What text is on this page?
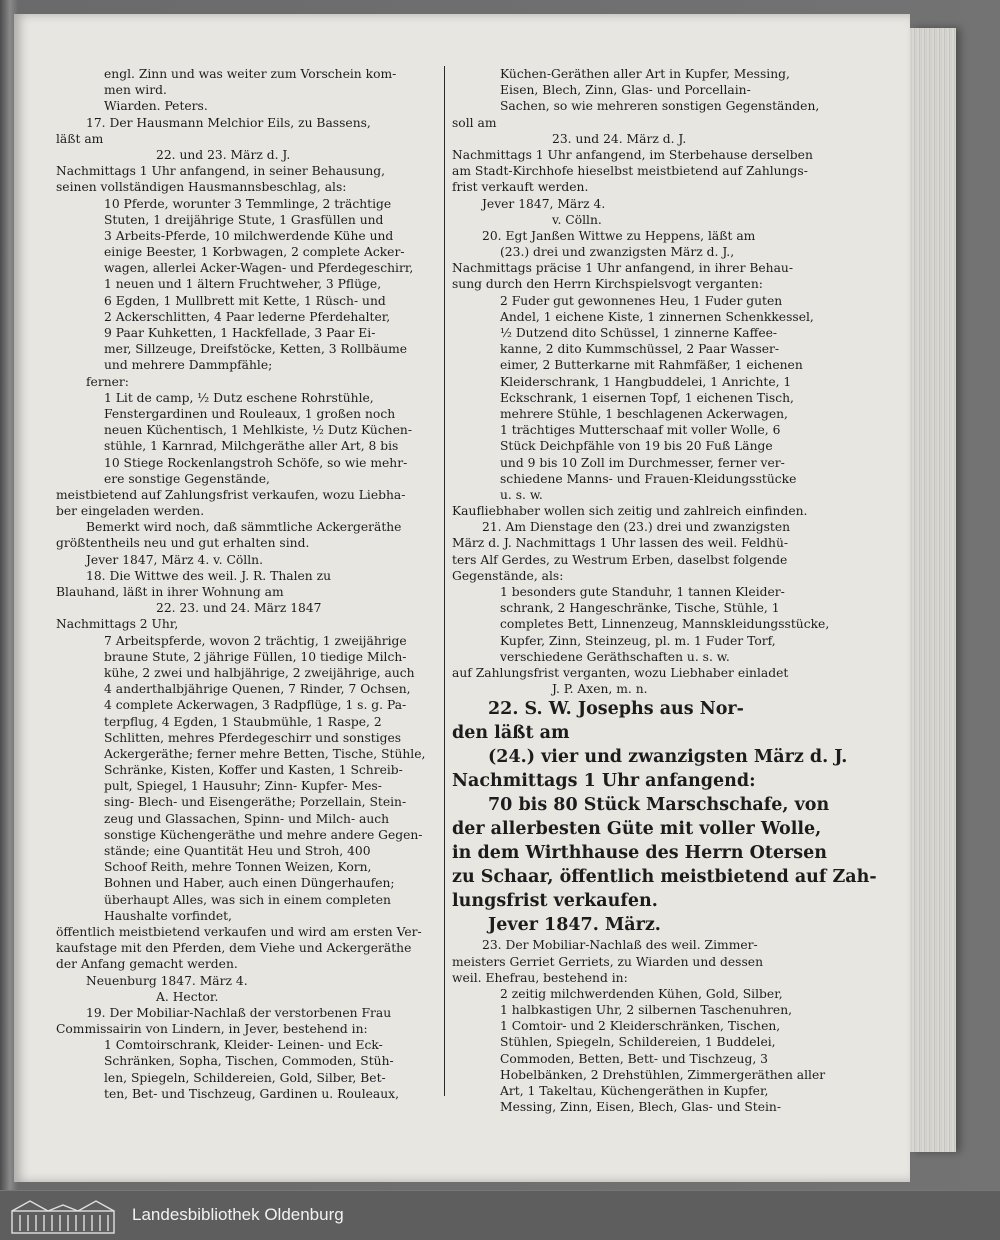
engl. Zinn und was weiter zum Vorschein kom-
men wird.
Wiarden. Peters.
17. Der Hausmann Melchior Eils, zu Bassens,
läßt am
22. und 23. März d. J.
Nachmittags 1 Uhr anfangend, in seiner Behausung,
seinen vollständigen Hausmannsbeschlag, als:
10 Pferde, worunter 3 Temmlinge, 2 trächtige
Stuten, 1 dreijährige Stute, 1 Grasfüllen und
3 Arbeits-Pferde, 10 milchwerdende Kühe und
einige Beester, 1 Korbwagen, 2 complete Acker-
wagen, allerlei Acker-Wagen- und Pferdegeschirr,
1 neuen und 1 ältern Fruchtweher, 3 Pflüge,
6 Egden, 1 Mullbrett mit Kette, 1 Rüsch- und
2 Ackerschlitten, 4 Paar lederne Pferdehalter,
9 Paar Kuhketten, 1 Hackfellade, 3 Paar Ei-
mer, Sillzeuge, Dreifstöcke, Ketten, 3 Rollbäume
und mehrere Dammpfähle;
ferner:
1 Lit de camp, ½ Dutz eschene Rohrstühle,
Fenstergardinen und Rouleaux, 1 großen noch
neuen Küchentisch, 1 Mehlkiste, ½ Dutz Küchen-
stühle, 1 Karnrad, Milchgeräthe aller Art, 8 bis
10 Stiege Rockenlangstroh Schöfe, so wie mehr-
ere sonstige Gegenstände,
meistbietend auf Zahlungsfrist verkaufen, wozu Liebha-
ber eingeladen werden.
Bemerkt wird noch, daß sämmtliche Ackergeräthe
größtentheils neu und gut erhalten sind.
Jever 1847, März 4. v. Cölln.
18. Die Wittwe des weil. J. R. Thalen zu
Blauhand, läßt in ihrer Wohnung am
22. 23. und 24. März 1847
Nachmittags 2 Uhr,
7 Arbeitspferde, wovon 2 trächtig, 1 zweijährige
braune Stute, 2 jährige Füllen, 10 tiedige Milch-
kühe, 2 zwei und halbjährige, 2 zweijährige, auch
4 anderthalbjährige Quenen, 7 Rinder, 7 Ochsen,
4 complete Ackerwagen, 3 Radpflüge, 1 s. g. Pa-
terpflug, 4 Egden, 1 Staubmühle, 1 Raspe, 2
Schlitten, mehres Pferdegeschirr und sonstiges
Ackergeräthe; ferner mehre Betten, Tische, Stühle,
Schränke, Kisten, Koffer und Kasten, 1 Schreib-
pult, Spiegel, 1 Hausuhr; Zinn- Kupfer- Mes-
sing- Blech- und Eisengeräthe; Porzellain, Stein-
zeug und Glassachen, Spinn- und Milch- auch
sonstige Küchengeräthe und mehre andere Gegen-
stände; eine Quantität Heu und Stroh, 400
Schoof Reith, mehre Tonnen Weizen, Korn,
Bohnen und Haber, auch einen Düngerhaufen;
überhaupt Alles, was sich in einem completen
Haushalte vorfindet,
öffentlich meistbietend verkaufen und wird am ersten Ver-
kaufstage mit den Pferden, dem Viehe und Ackergeräthe
der Anfang gemacht werden.
Neuenburg 1847. März 4.
A. Hector.
19. Der Mobiliar-Nachlaß der verstorbenen Frau
Commissairin von Lindern, in Jever, bestehend in:
1 Comtoirschrank, Kleider- Leinen- und Eck-
Schränken, Sopha, Tischen, Commoden, Stüh-
len, Spiegeln, Schildereien, Gold, Silber, Bet-
ten, Bet- und Tischzeug, Gardinen u. Rouleaux,
Küchen-Geräthen aller Art in Kupfer, Messing,
Eisen, Blech, Zinn, Glas- und Porcellain-
Sachen, so wie mehreren sonstigen Gegenständen,
soll am
23. und 24. März d. J.
Nachmittags 1 Uhr anfangend, im Sterbehause derselben
am Stadt-Kirchhofe hieselbst meistbietend auf Zahlungs-
frist verkauft werden.
Jever 1847, März 4.
v. Cölln.
20. Egt Janßen Wittwe zu Heppens, läßt am
(23.) drei und zwanzigsten März d. J.,
Nachmittags präcise 1 Uhr anfangend, in ihrer Behau-
sung durch den Herrn Kirchspielsvogt verganten:
2 Fuder gut gewonnenes Heu, 1 Fuder guten
Andel, 1 eichene Kiste, 1 zinnernen Schenkkessel,
½ Dutzend dito Schüssel, 1 zinnerne Kaffee-
kanne, 2 dito Kummschüssel, 2 Paar Wasser-
eimer, 2 Butterkarne mit Rahmfäßer, 1 eichenen
Kleiderschrank, 1 Hangbuddelei, 1 Anrichte, 1
Eckschrank, 1 eisernen Topf, 1 eichenen Tisch,
mehrere Stühle, 1 beschlagenen Ackerwagen,
1 trächtiges Mutterschaaf mit voller Wolle, 6
Stück Deichpfähle von 19 bis 20 Fuß Länge
und 9 bis 10 Zoll im Durchmesser, ferner ver-
schiedene Manns- und Frauen-Kleidungsstücke
u. s. w.
Kaufliebhaber wollen sich zeitig und zahlreich einfinden.
21. Am Dienstage den (23.) drei und zwanzigsten
März d. J. Nachmittags 1 Uhr lassen des weil. Feldhü-
ters Alf Gerdes, zu Westrum Erben, daselbst folgende
Gegenstände, als:
1 besonders gute Standuhr, 1 tannen Kleider-
schrank, 2 Hangeschränke, Tische, Stühle, 1
completes Bett, Linnenzeug, Mannskleidungsstücke,
Kupfer, Zinn, Steinzeug, pl. m. 1 Fuder Torf,
verschiedene Geräthschaften u. s. w.
auf Zahlungsfrist verganten, wozu Liebhaber einladet
J. P. Axen, m. n.
22. S. W. Josephs aus Nor-
den läßt am
(24.) vier und zwanzigsten März d. J.
Nachmittags 1 Uhr anfangend:
70 bis 80 Stück Marschschafe, von
der allerbesten Güte mit voller Wolle,
in dem Wirthhause des Herrn Otersen
zu Schaar, öffentlich meistbietend auf Zah-
lungsfrist verkaufen.
Jever 1847. März.
23. Der Mobiliar-Nachlaß des weil. Zimmer-
meisters Gerriet Gerriets, zu Wiarden und dessen
weil. Ehefrau, bestehend in:
2 zeitig milchwerdenden Kühen, Gold, Silber,
1 halbkastigen Uhr, 2 silbernen Taschenuhren,
1 Comtoir- und 2 Kleiderschränken, Tischen,
Stühlen, Spiegeln, Schildereien, 1 Buddelei,
Commoden, Betten, Bett- und Tischzeug, 3
Hobelbänken, 2 Drehstühlen, Zimmergeräthen aller
Art, 1 Takeltau, Küchengeräthen in Kupfer,
Messing, Zinn, Eisen, Blech, Glas- und Stein-
Landesbibliothek Oldenburg
